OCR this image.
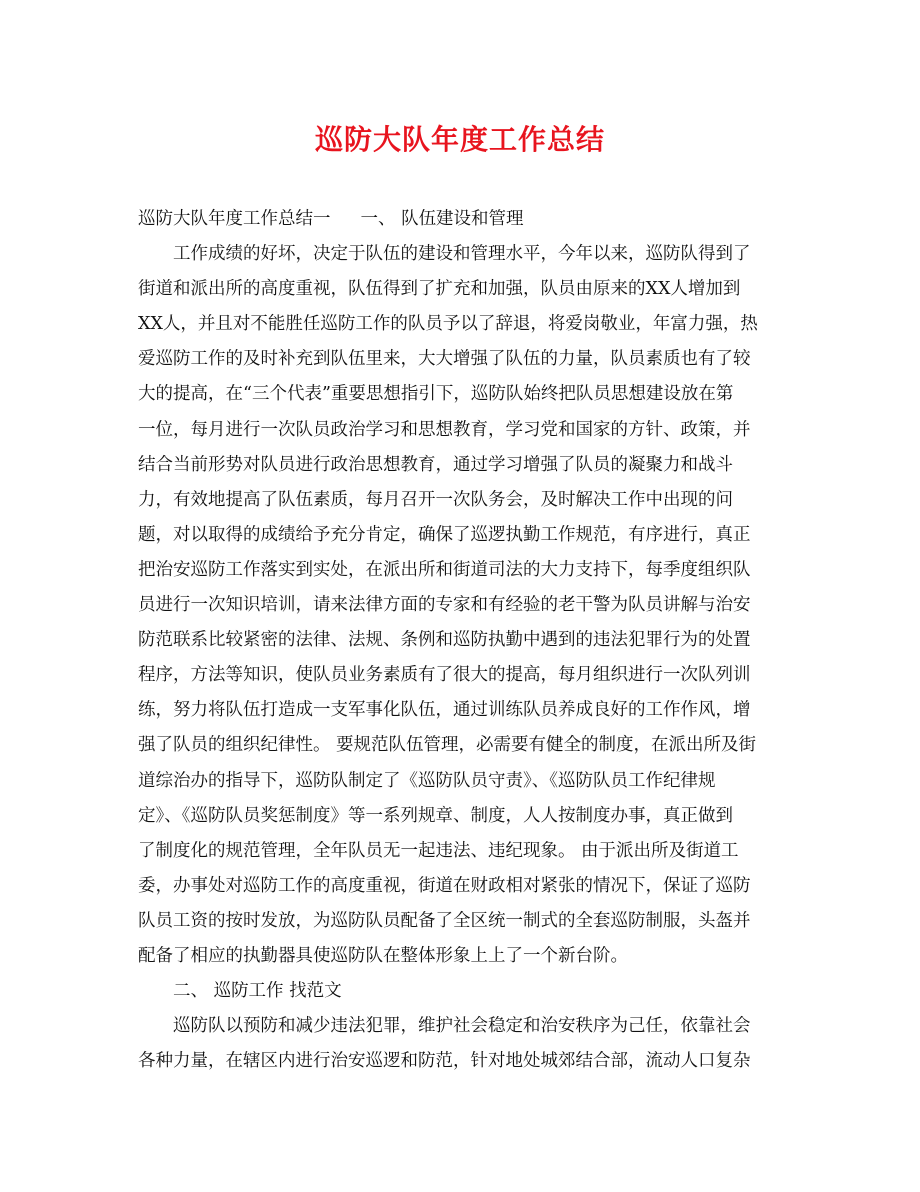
巡防大队年度工作总结
巡防大队年度工作总结一 一、 队伍建设和管理
工作成绩的好坏，决定于队伍的建设和管理水平，今年以来，巡防队得到了
街道和派出所的高度重视，队伍得到了扩充和加强，队员由原来的XX人增加到
XX人，并且对不能胜任巡防工作的队员予以了辞退，将爱岗敬业，年富力强，热
爱巡防工作的及时补充到队伍里来，大大增强了队伍的力量，队员素质也有了较
大的提高，在“三个代表”重要思想指引下，巡防队始终把队员思想建设放在第
一位，每月进行一次队员政治学习和思想教育，学习党和国家的方针、政策，并
结合当前形势对队员进行政治思想教育，通过学习增强了队员的凝聚力和战斗
力，有效地提高了队伍素质，每月召开一次队务会，及时解决工作中出现的问
题，对以取得的成绩给予充分肯定，确保了巡逻执勤工作规范，有序进行，真正
把治安巡防工作落实到实处，在派出所和街道司法的大力支持下，每季度组织队
员进行一次知识培训，请来法律方面的专家和有经验的老干警为队员讲解与治安
防范联系比较紧密的法律、法规、条例和巡防执勤中遇到的违法犯罪行为的处置
程序，方法等知识，使队员业务素质有了很大的提高，每月组织进行一次队列训
练，努力将队伍打造成一支军事化队伍，通过训练队员养成良好的工作作风，增
强了队员的组织纪律性。 要规范队伍管理，必需要有健全的制度，在派出所及街
道综治办的指导下，巡防队制定了《巡防队员守责》、《巡防队员工作纪律规
定》、《巡防队员奖惩制度》等一系列规章、制度，人人按制度办事，真正做到
了制度化的规范管理，全年队员无一起违法、违纪现象。 由于派出所及街道工
委，办事处对巡防工作的高度重视，街道在财政相对紧张的情况下，保证了巡防
队员工资的按时发放，为巡防队员配备了全区统一制式的全套巡防制服，头盔并
配备了相应的执勤器具使巡防队在整体形象上上了一个新台阶。
二、 巡防工作 找范文
巡防队以预防和减少违法犯罪，维护社会稳定和治安秩序为己任，依靠社会
各种力量，在辖区内进行治安巡逻和防范，针对地处城郊结合部，流动人口复杂
